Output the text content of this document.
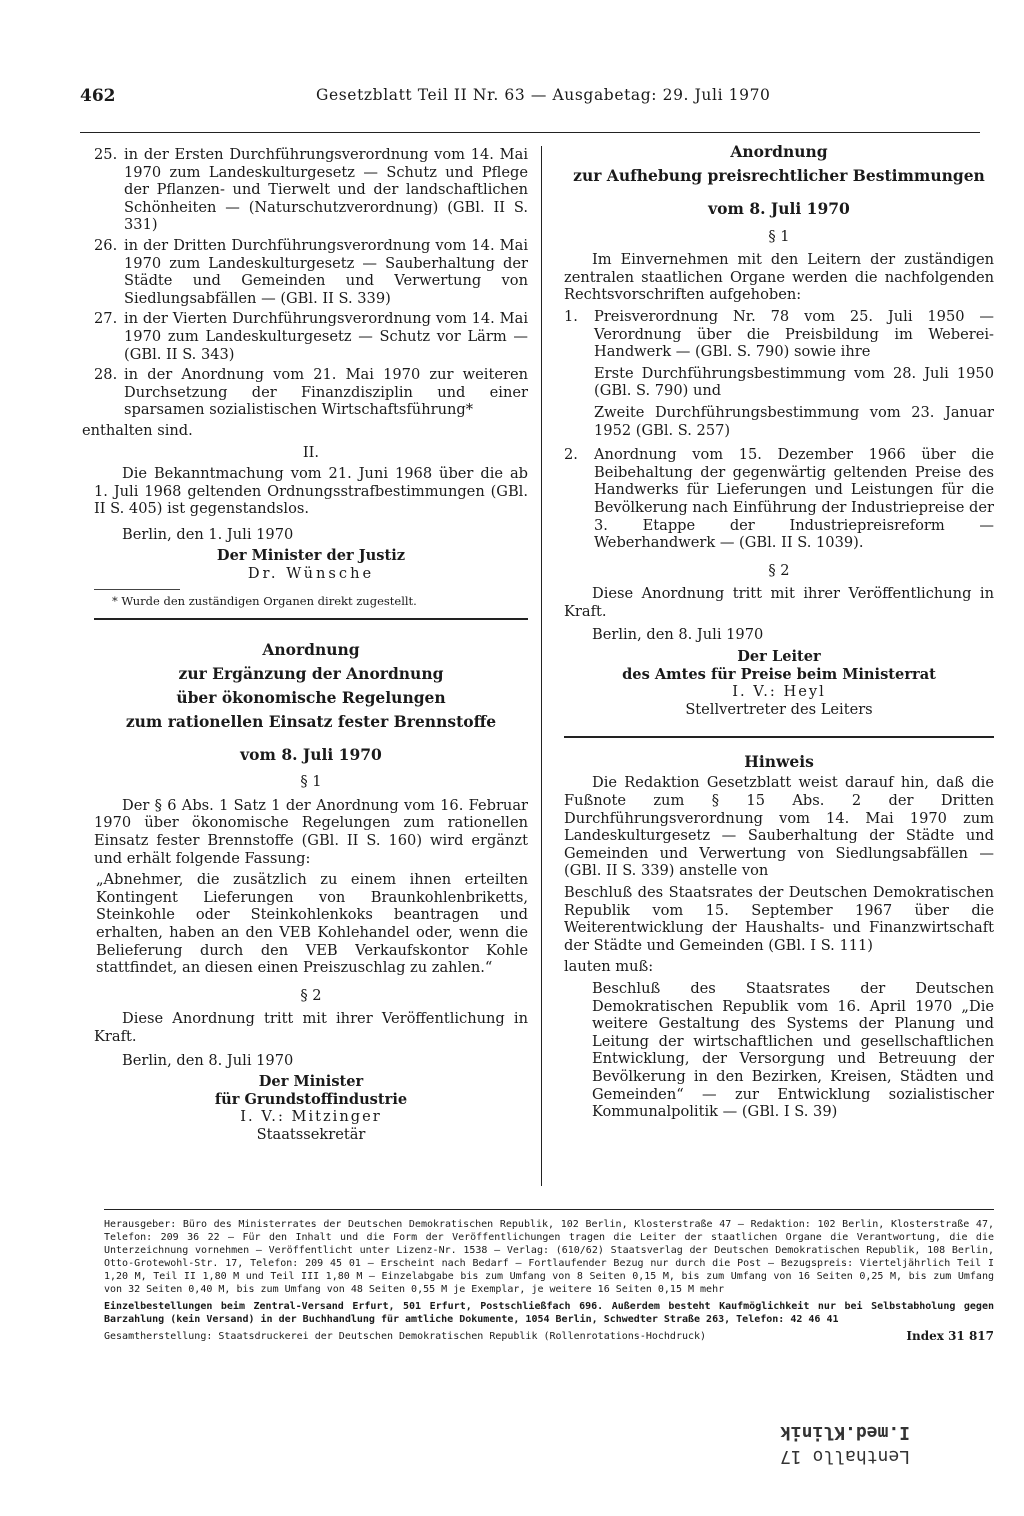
462	Gesetzblatt Teil II Nr. 63 — Ausgabetag: 29. Juli 1970
25. in der Ersten Durchführungsverordnung vom 14. Mai 1970 zum Landeskulturgesetz — Schutz und Pflege der Pflanzen- und Tierwelt und der landschaftlichen Schönheiten — (Naturschutzverordnung) (GBl. II S. 331)
26. in der Dritten Durchführungsverordnung vom 14. Mai 1970 zum Landeskulturgesetz — Sauberhaltung der Städte und Gemeinden und Verwertung von Siedlungsabfällen — (GBl. II S. 339)
27. in der Vierten Durchführungsverordnung vom 14. Mai 1970 zum Landeskulturgesetz — Schutz vor Lärm — (GBl. II S. 343)
28. in der Anordnung vom 21. Mai 1970 zur weiteren Durchsetzung der Finanzdisziplin und einer sparsamen sozialistischen Wirtschaftsführung*

enthalten sind.

II.

Die Bekanntmachung vom 21. Juni 1968 über die ab 1. Juli 1968 geltenden Ordnungsstrafbestimmungen (GBl. II S. 405) ist gegenstandslos.

Berlin, den 1. Juli 1970

Der Minister der Justiz
Dr. Wünsche
* Wurde den zuständigen Organen direkt zugestellt.
Anordnung
zur Ergänzung der Anordnung
über ökonomische Regelungen
zum rationellen Einsatz fester Brennstoffe
vom 8. Juli 1970
§ 1

Der § 6 Abs. 1 Satz 1 der Anordnung vom 16. Februar 1970 über ökonomische Regelungen zum rationellen Einsatz fester Brennstoffe (GBl. II S. 160) wird ergänzt und erhält folgende Fassung:

„Abnehmer, die zusätzlich zu einem ihnen erteilten Kontingent Lieferungen von Braunkohlenbriketts, Steinkohle oder Steinkohlenkoks beantragen und erhalten, haben an den VEB Kohlehandel oder, wenn die Belieferung durch den VEB Verkaufskontor Kohle stattfindet, an diesen einen Preiszuschlag zu zahlen.“

§ 2

Diese Anordnung tritt mit ihrer Veröffentlichung in Kraft.

Berlin, den 8. Juli 1970

Der Minister
für Grundstoffindustrie
I. V.: Mitzinger
Staatssekretär
Anordnung
zur Aufhebung preisrechtlicher Bestimmungen
vom 8. Juli 1970
§ 1

Im Einvernehmen mit den Leitern der zuständigen zentralen staatlichen Organe werden die nachfolgenden Rechtsvorschriften aufgehoben:

1.	Preisverordnung Nr. 78 vom 25. Juli 1950 — Verordnung über die Preisbildung im Weberei-Handwerk — (GBl. S. 790) sowie ihre

Erste Durchführungsbestimmung vom 28. Juli 1950 (GBl. S. 790) und

Zweite Durchführungsbestimmung vom 23. Januar 1952 (GBl. S. 257)

2.	Anordnung vom 15. Dezember 1966 über die Beibehaltung der gegenwärtig geltenden Preise des Handwerks für Lieferungen und Leistungen für die Bevölkerung nach Einführung der Industriepreise der 3. Etappe der Industriepreisreform — Weberhandwerk — (GBl. II S. 1039).
§ 2

Diese Anordnung tritt mit ihrer Veröffentlichung in Kraft.

Berlin, den 8. Juli 1970

Der Leiter
des Amtes für Preise beim Ministerrat
I. V.: Heyl
Stellvertreter des Leiters
Hinweis

Die Redaktion Gesetzblatt weist darauf hin, daß die Fußnote zum § 15 Abs. 2 der Dritten Durchführungsverordnung vom 14. Mai 1970 zum Landeskulturgesetz — Sauberhaltung der Städte und Gemeinden und Verwertung von Siedlungsabfällen — (GBl. II S. 339) anstelle von

Beschluß des Staatsrates der Deutschen Demokratischen Republik vom 15. September 1967 über die Weiterentwicklung der Haushalts- und Finanzwirtschaft der Städte und Gemeinden (GBl. I S. 111)

lauten muß:

Beschluß des Staatsrates der Deutschen Demokratischen Republik vom 16. April 1970 „Die weitere Gestaltung des Systems der Planung und Leitung der wirtschaftlichen und gesellschaftlichen Entwicklung, der Versorgung und Betreuung der Bevölkerung in den Bezirken, Kreisen, Städten und Gemeinden“ — zur Entwicklung sozialistischer Kommunalpolitik — (GBl. I S. 39)

Herausgeber: Büro des Ministerrates der Deutschen Demokratischen Republik, 102 Berlin, Klosterstraße 47 — Redaktion: 102 Berlin, Klosterstraße 47, Telefon: 209 36 22 — Für den Inhalt und die Form der Veröffentlichungen tragen die Leiter der staatlichen Organe die Verantwortung, die die Unterzeichnung vornehmen — Veröffentlicht unter Lizenz-Nr. 1538 — Verlag: (610/62) Staatsverlag der Deutschen Demokratischen Republik, 108 Berlin, Otto-Grotewohl-Str. 17, Telefon: 209 45 01 — Erscheint nach Bedarf — Fortlaufender Bezug nur durch die Post — Bezugspreis: Vierteljährlich Teil I 1,20 M, Teil II 1,80 M und Teil III 1,80 M — Einzelabgabe bis zum Umfang von 8 Seiten 0,15 M, bis zum Umfang von 16 Seiten 0,25 M, bis zum Umfang von 32 Seiten 0,40 M, bis zum Umfang von 48 Seiten 0,55 M je Exemplar, je weitere 16 Seiten 0,15 M mehr
Einzelbestellungen beim Zentral-Versand Erfurt, 501 Erfurt, Postschließfach 696. Außerdem besteht Kaufmöglichkeit nur bei Selbstabholung gegen Barzahlung (kein Versand) in der Buchhandlung für amtliche Dokumente, 1054 Berlin, Schwedter Straße 263, Telefon: 42 46 41
Gesamtherstellung: Staatsdruckerei der Deutschen Demokratischen Republik (Rollenrotations-Hochdruck)	Index 31 817
Lenthallo 17
I.med.Klinik
